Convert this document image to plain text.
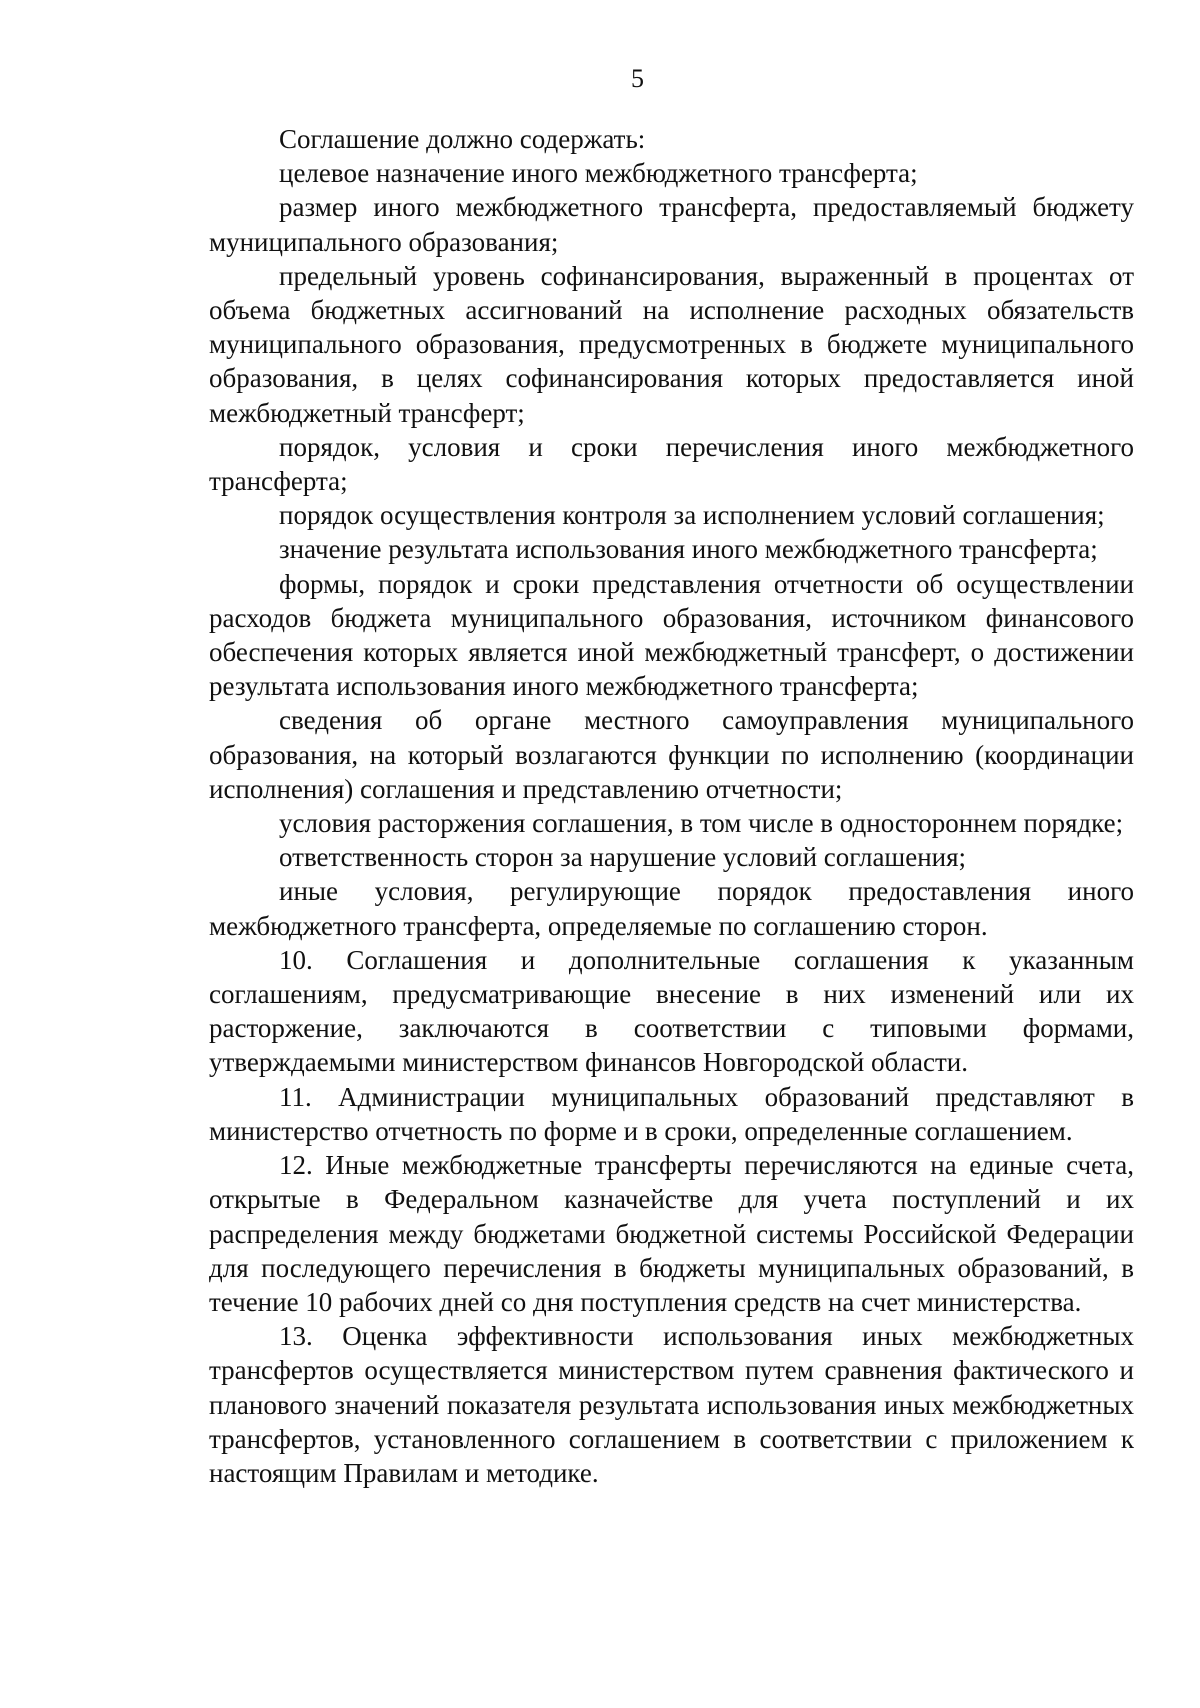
5

Соглашение должно содержать:

целевое назначение иного межбюджетного трансферта;

размер иного межбюджетного трансферта, предоставляемый бюджету муниципального образования;

предельный уровень софинансирования, выраженный в процентах от объема бюджетных ассигнований на исполнение расходных обязательств муниципального образования, предусмотренных в бюджете муниципального образования, в целях софинансирования которых предоставляется иной межбюджетный трансферт;

порядок, условия и сроки перечисления иного межбюджетного трансферта;

порядок осуществления контроля за исполнением условий соглашения;

значение результата использования иного межбюджетного трансферта;

формы, порядок и сроки представления отчетности об осуществлении расходов бюджета муниципального образования, источником финансового обеспечения которых является иной межбюджетный трансферт, о достижении результата использования иного межбюджетного трансферта;

сведения об органе местного самоуправления муниципального образования, на который возлагаются функции по исполнению (координации исполнения) соглашения и представлению отчетности;

условия расторжения соглашения, в том числе в одностороннем порядке;

ответственность сторон за нарушение условий соглашения;

иные условия, регулирующие порядок предоставления иного межбюджетного трансферта, определяемые по соглашению сторон.

10. Соглашения и дополнительные соглашения к указанным соглашениям, предусматривающие внесение в них изменений или их расторжение, заключаются в соответствии с типовыми формами, утверждаемыми министерством финансов Новгородской области.

11. Администрации муниципальных образований представляют в министерство отчетность по форме и в сроки, определенные соглашением.

12. Иные межбюджетные трансферты перечисляются на единые счета, открытые в Федеральном казначействе для учета поступлений и их распределения между бюджетами бюджетной системы Российской Федерации для последующего перечисления в бюджеты муниципальных образований, в течение 10 рабочих дней со дня поступления средств на счет министерства.

13. Оценка эффективности использования иных межбюджетных трансфертов осуществляется министерством путем сравнения фактического и планового значений показателя результата использования иных межбюджетных трансфертов, установленного соглашением в соответствии с приложением к настоящим Правилам и методике.
